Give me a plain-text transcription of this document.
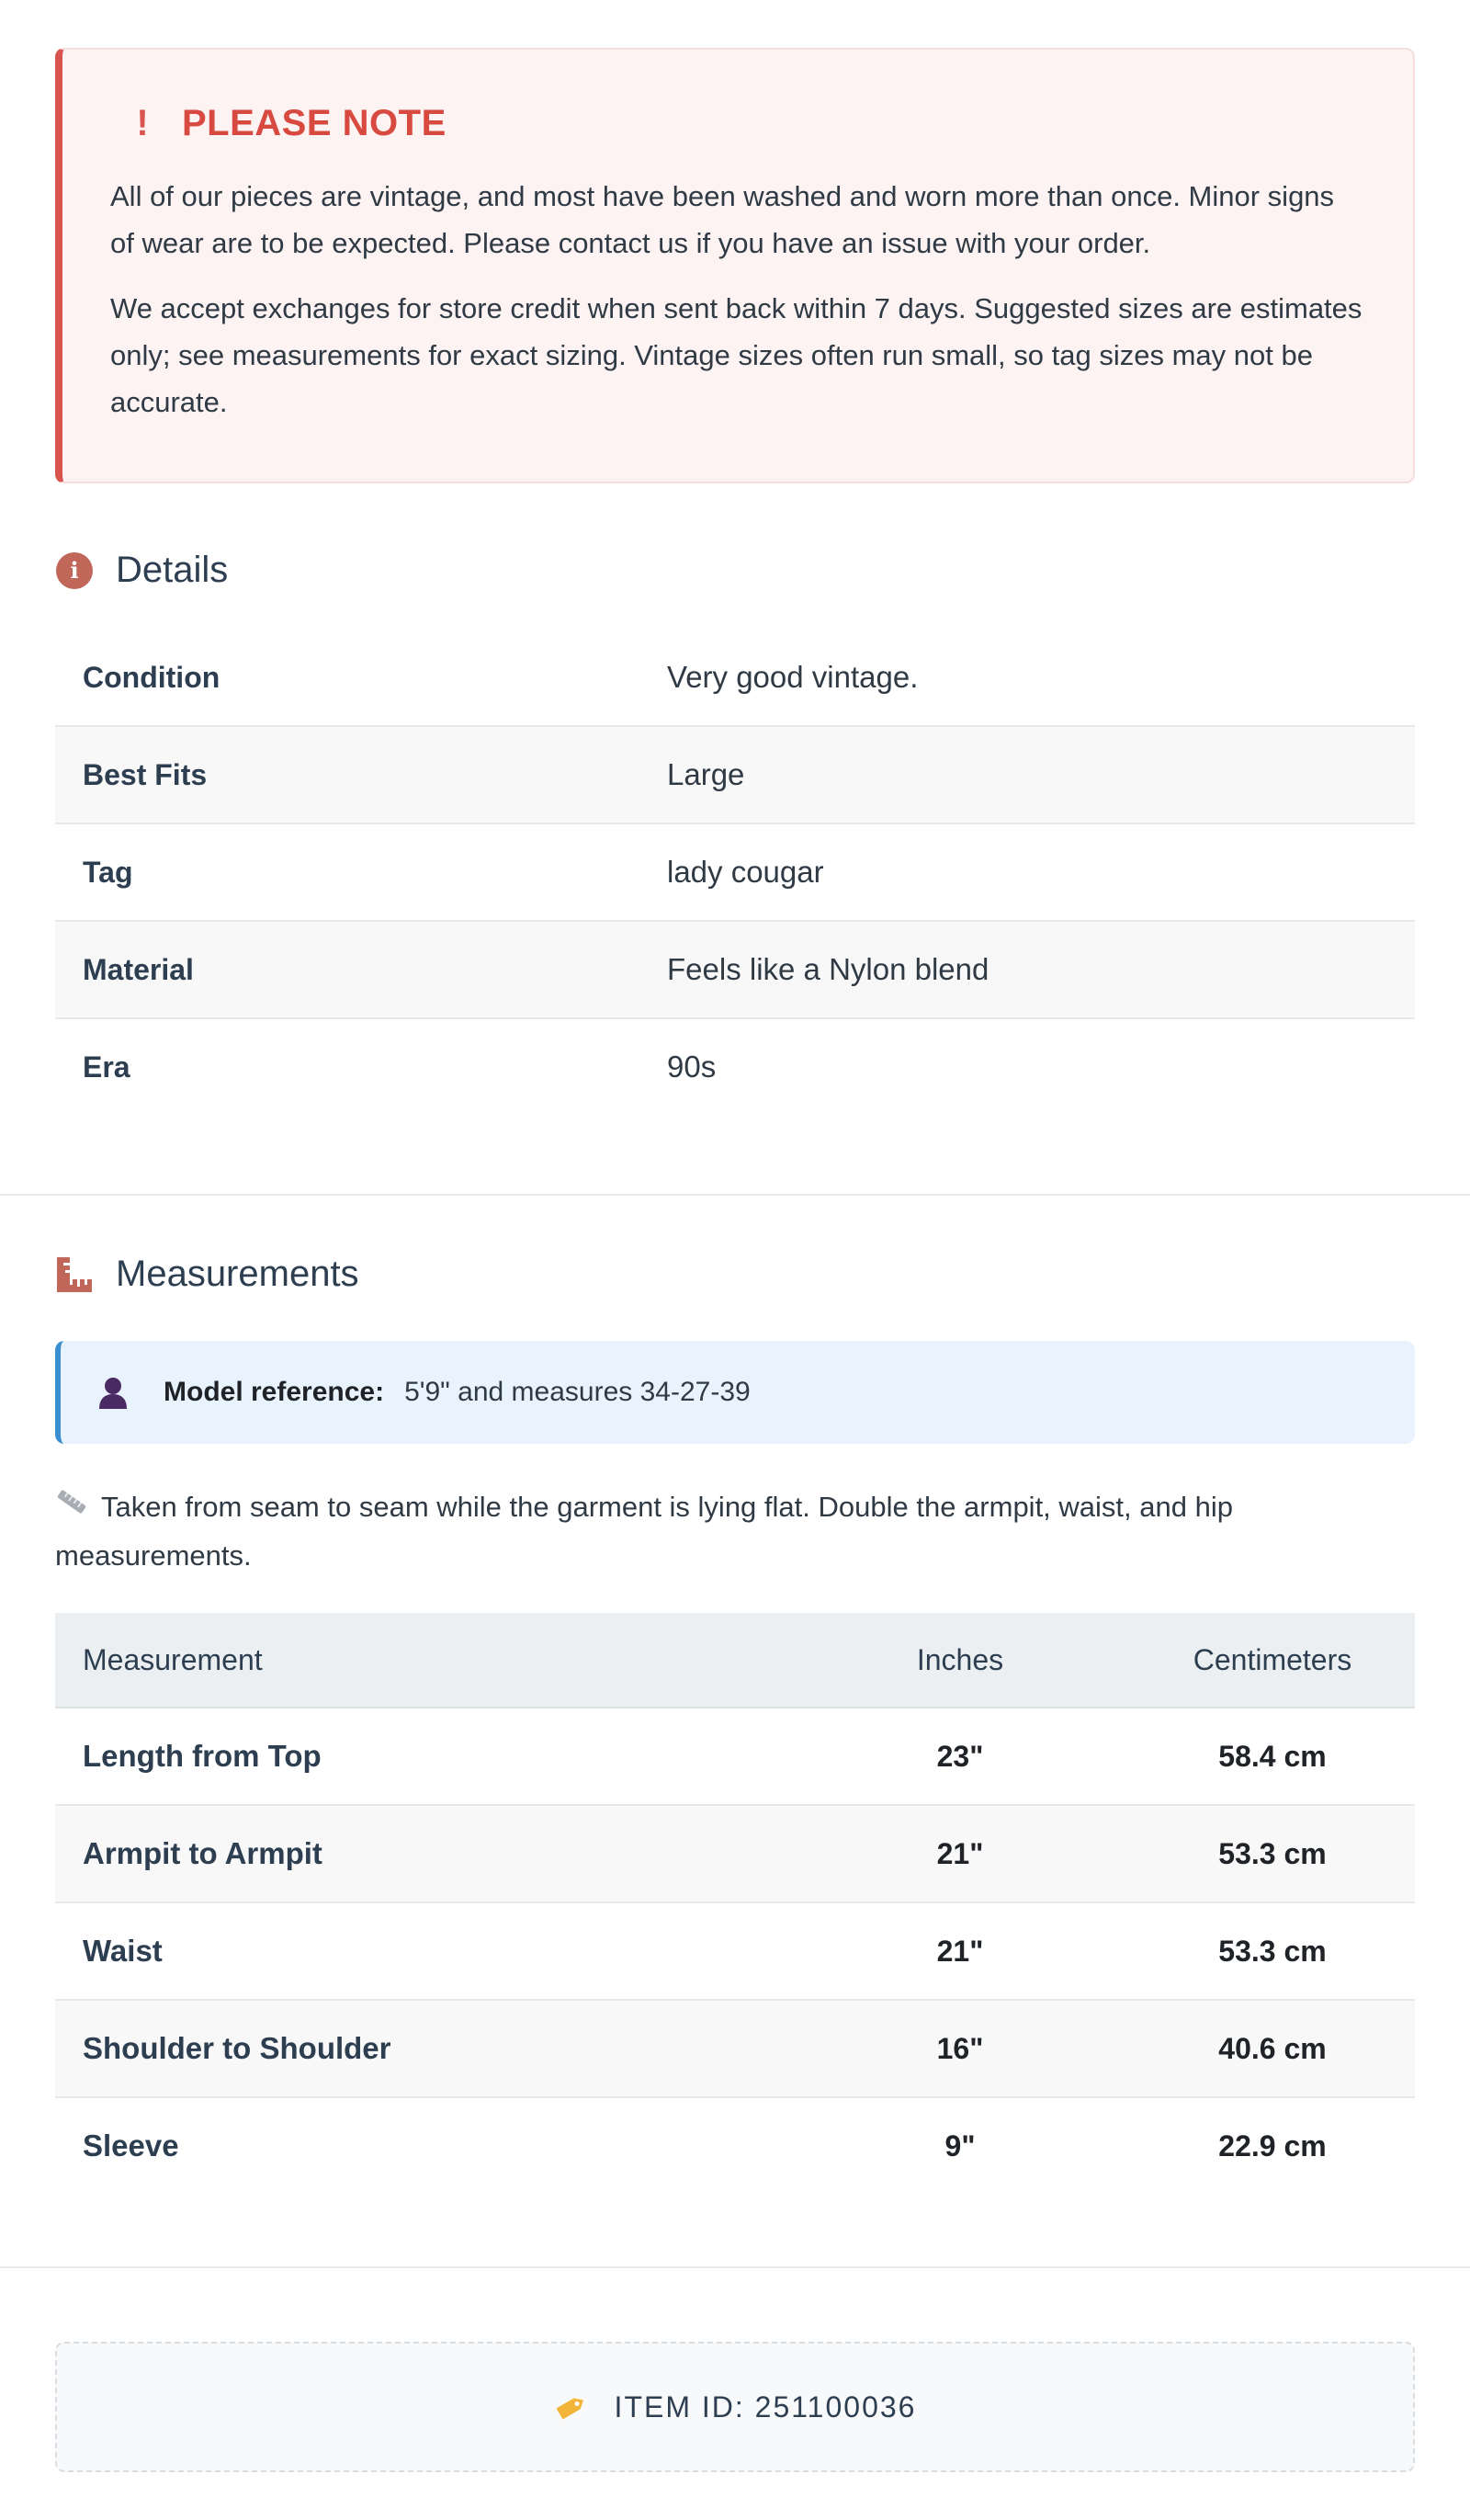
! PLEASE NOTE

All of our pieces are vintage, and most have been washed and worn more than once. Minor signs of wear are to be expected. Please contact us if you have an issue with your order.

We accept exchanges for store credit when sent back within 7 days. Suggested sizes are estimates only; see measurements for exact sizing. Vintage sizes often run small, so tag sizes may not be accurate.

i	Details
Condition	Very good vintage.
Best Fits	Large
Tag	lady cougar
Material	Feels like a Nylon blend
Era	90s
Measurements
Model reference: 5'9" and measures 34-27-39
Taken from seam to seam while the garment is lying flat. Double the armpit, waist, and hip measurements.
Measurement	Inches	Centimeters
Length from Top	23"	58.4 cm
Armpit to Armpit	21"	53.3 cm
Waist	21"	53.3 cm
Shoulder to Shoulder	16"	40.6 cm
Sleeve	9"	22.9 cm
ITEM ID: 251100036
